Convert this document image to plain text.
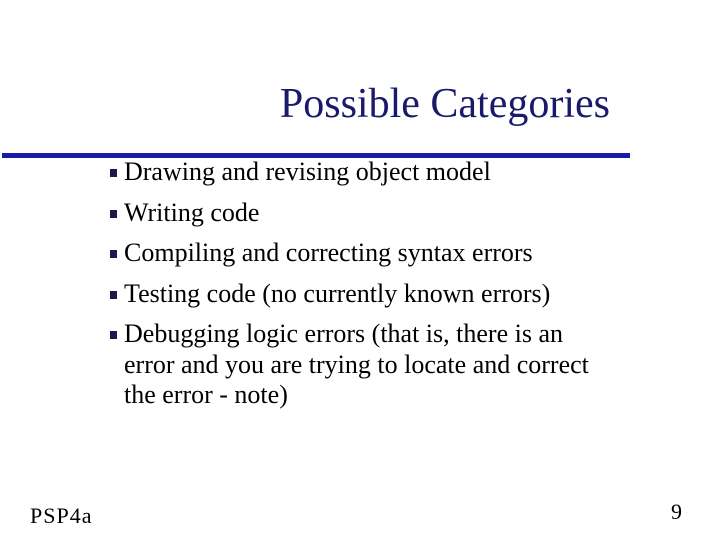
Possible Categories
Drawing and revising object model
Writing code
Compiling and correcting syntax errors
Testing code (no currently known errors)
Debugging logic errors (that is, there is an error and you are trying to locate and correct the error - note)
PSP4a	9
